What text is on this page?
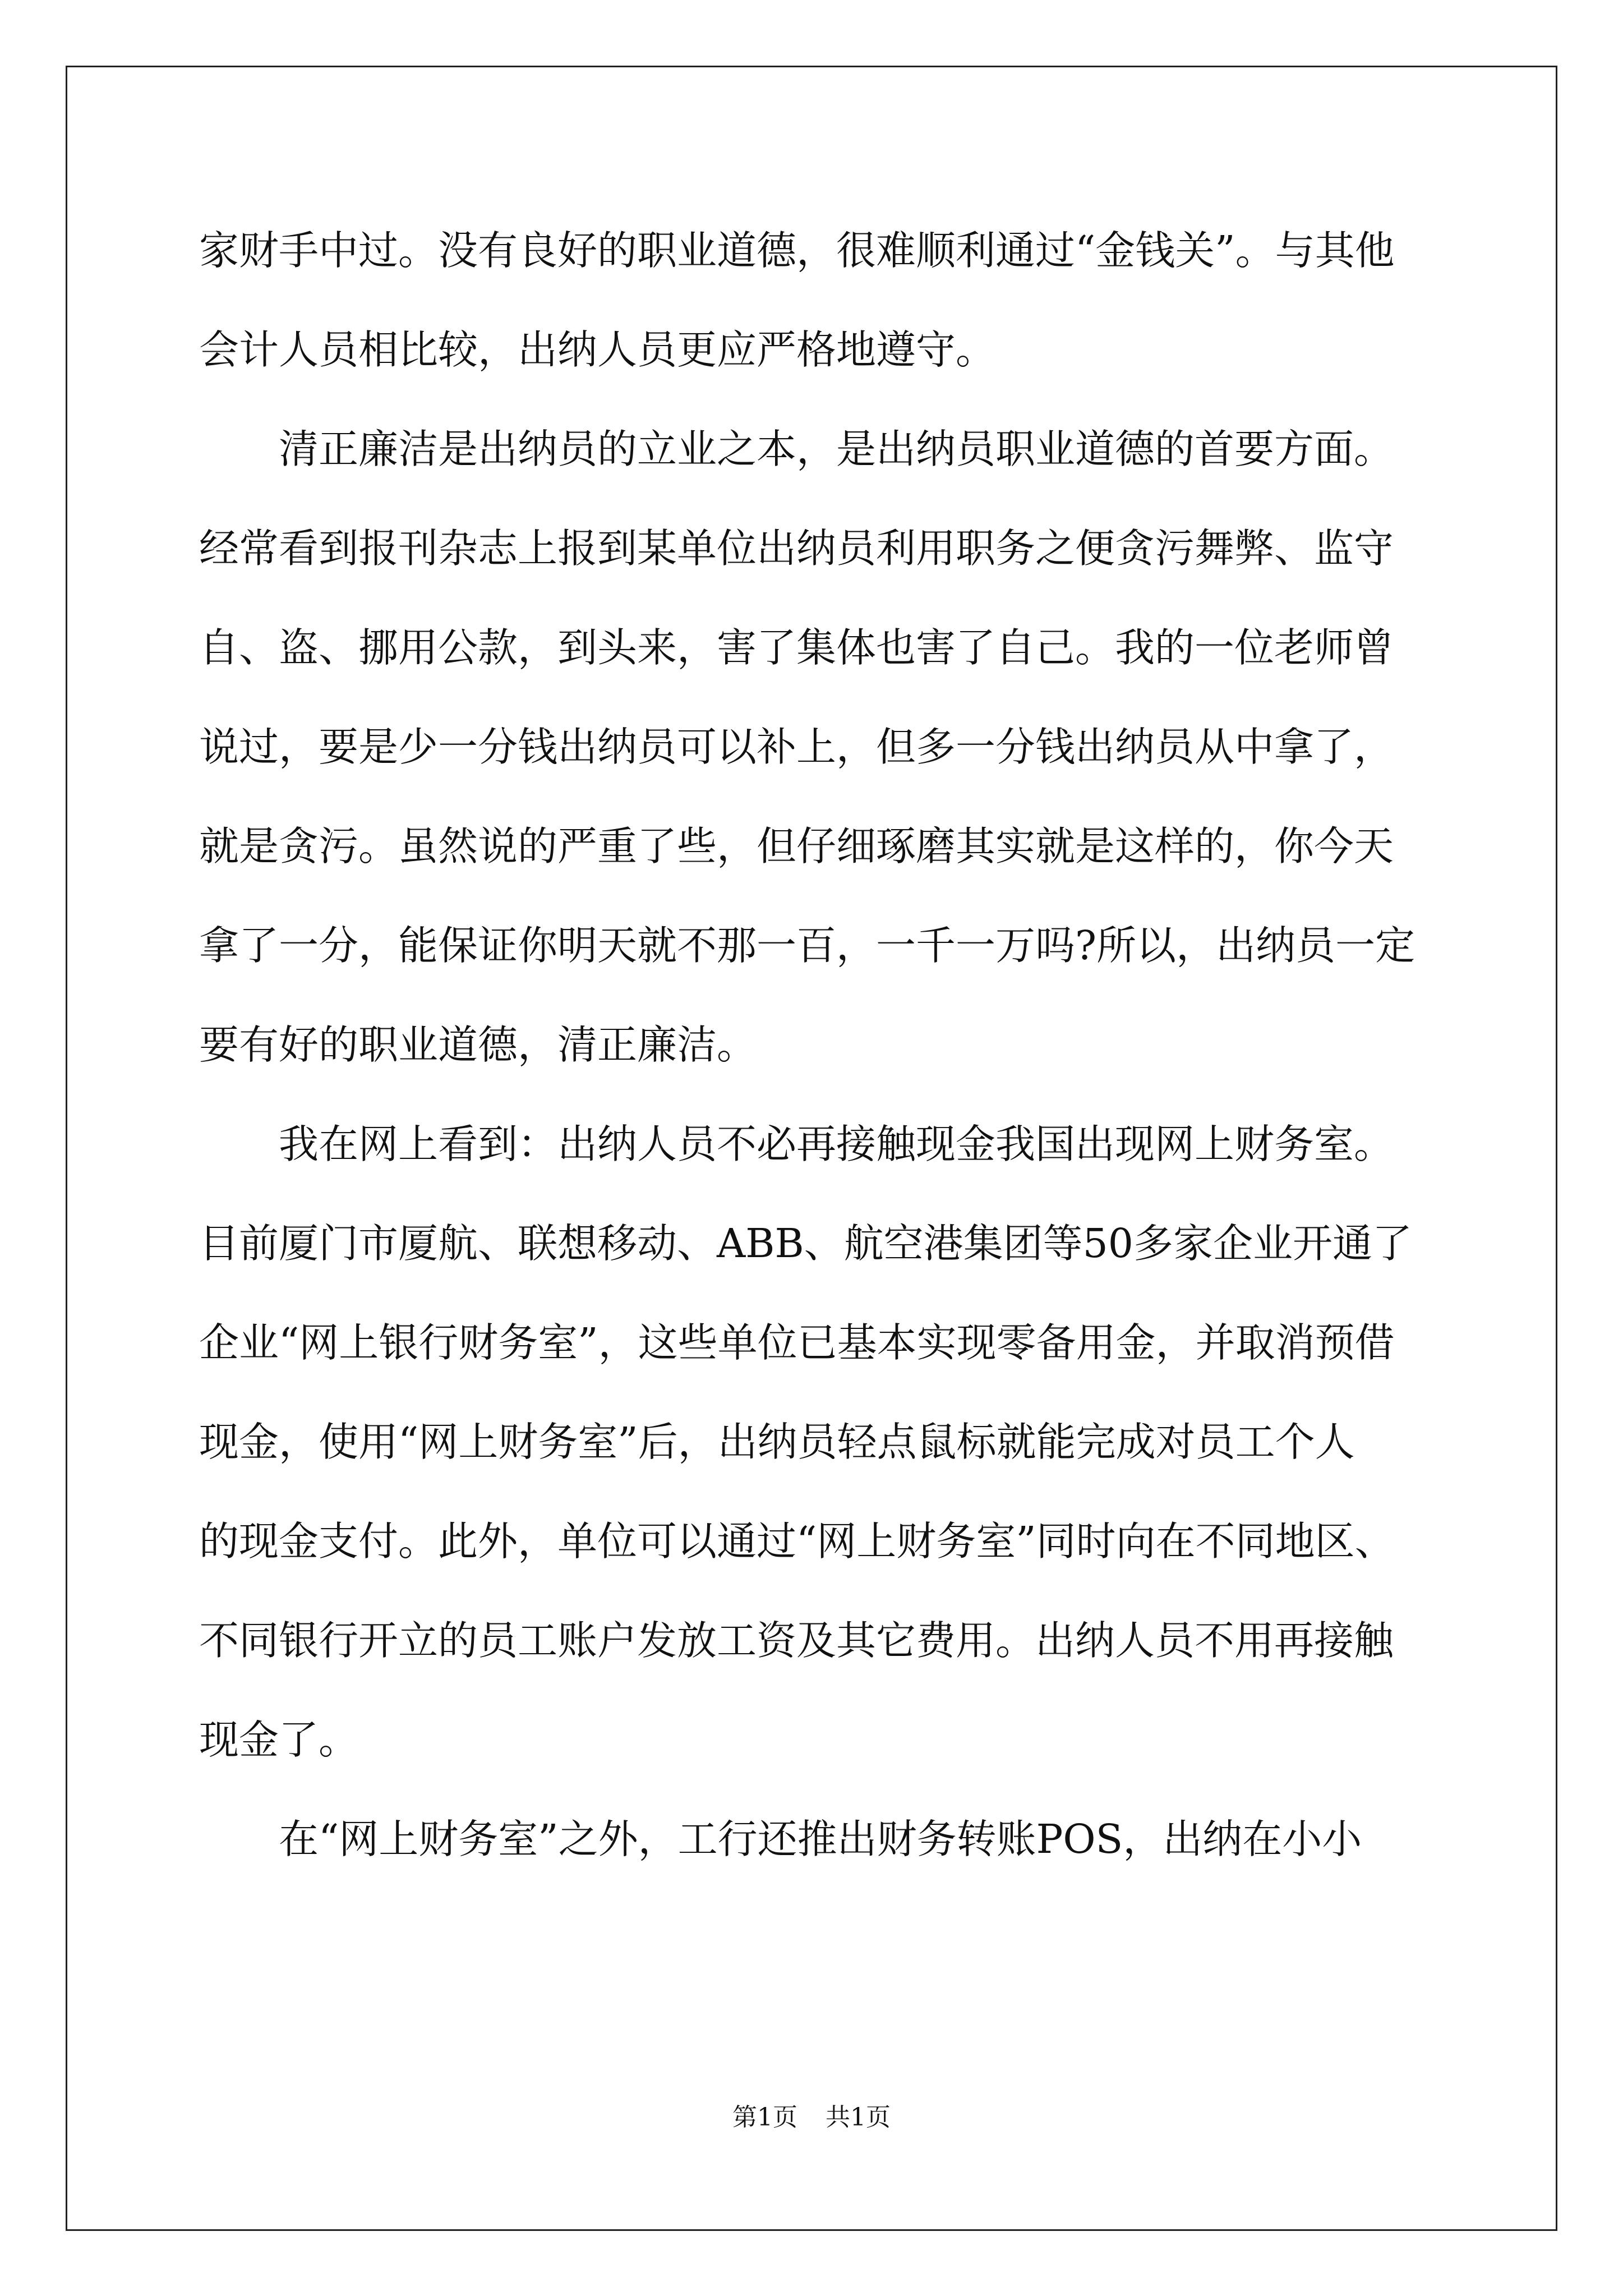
家财手中过。没有良好的职业道德，很难顺利通过“金钱关”。与其他

会计人员相比较，出纳人员更应严格地遵守。

清正廉洁是出纳员的立业之本，是出纳员职业道德的首要方面。

经常看到报刊杂志上报到某单位出纳员利用职务之便贪污舞弊、监守

自、盗、挪用公款，到头来，害了集体也害了自己。我的一位老师曾

说过，要是少一分钱出纳员可以补上，但多一分钱出纳员从中拿了，

就是贪污。虽然说的严重了些，但仔细琢磨其实就是这样的，你今天

拿了一分，能保证你明天就不那一百，一千一万吗?所以，出纳员一定

要有好的职业道德，清正廉洁。

我在网上看到：出纳人员不必再接触现金我国出现网上财务室。

目前厦门市厦航、联想移动、ABB、航空港集团等50多家企业开通了

企业“网上银行财务室”，这些单位已基本实现零备用金，并取消预借

现金，使用“网上财务室”后，出纳员轻点鼠标就能完成对员工个人

的现金支付。此外，单位可以通过“网上财务室”同时向在不同地区、

不同银行开立的员工账户发放工资及其它费用。出纳人员不用再接触

现金了。

在“网上财务室”之外，工行还推出财务转账POS，出纳在小小

第1页 共1页
